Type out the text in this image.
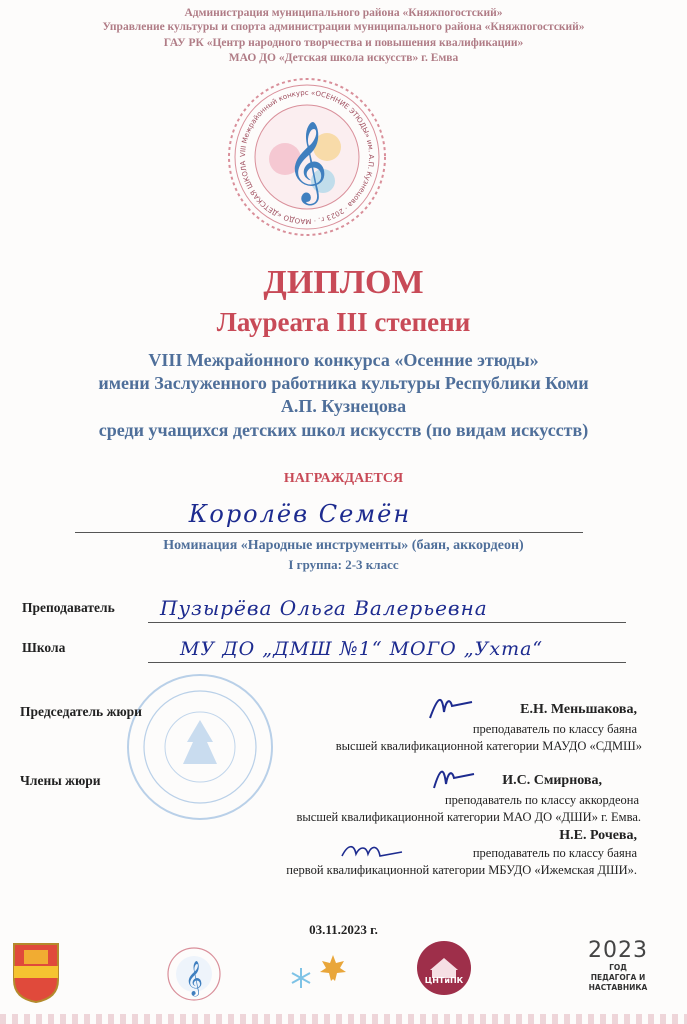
Администрация муниципального района «Княжпогостский»
Управление культуры и спорта администрации муниципального района «Княжпогостский»
ГАУ РК «Центр народного творчества и повышения квалификации»
МАО ДО «Детская школа искусств» г. Емва
VIII Межрайонный конкурс «ОСЕННИЕ ЭТЮДЫ» им. А.П. Кузнецова · 2023 г. · МАОДО «ДЕТСКАЯ ШКОЛА 𝄞
ДИПЛОМ
Лауреата III степени
VIII Межрайонного конкурса «Осенние этюды»
имени Заслуженного работника культуры Республики Коми
А.П. Кузнецова
среди учащихся детских школ искусств (по видам искусств)
НАГРАЖДАЕТСЯ
Королёв Семён
Номинация «Народные инструменты» (баян, аккордеон)
I группа: 2-3 класс
Преподаватель Пузырёва Ольга Валерьевна
Школа	МУ ДО „ДМШ №1“ МОГО „Ухта“
Председатель жюри	Е.Н. Меньшакова,
преподаватель по классу баяна
высшей квалификационной категории МАУДО «СДМШ»
Члены жюри	И.С. Смирнова,
преподаватель по классу аккордеона
высшей квалификационной категории МАО ДО «ДШИ» г. Емва.
Н.Е. Рочева,
преподаватель по классу баяна
первой квалификационной категории МБУДО «Ижемская ДШИ».
03.11.2023 г.
𝄞	ЦНТиПК
2023
ГОД ПЕДАГОГА И НАСТАВНИКА
